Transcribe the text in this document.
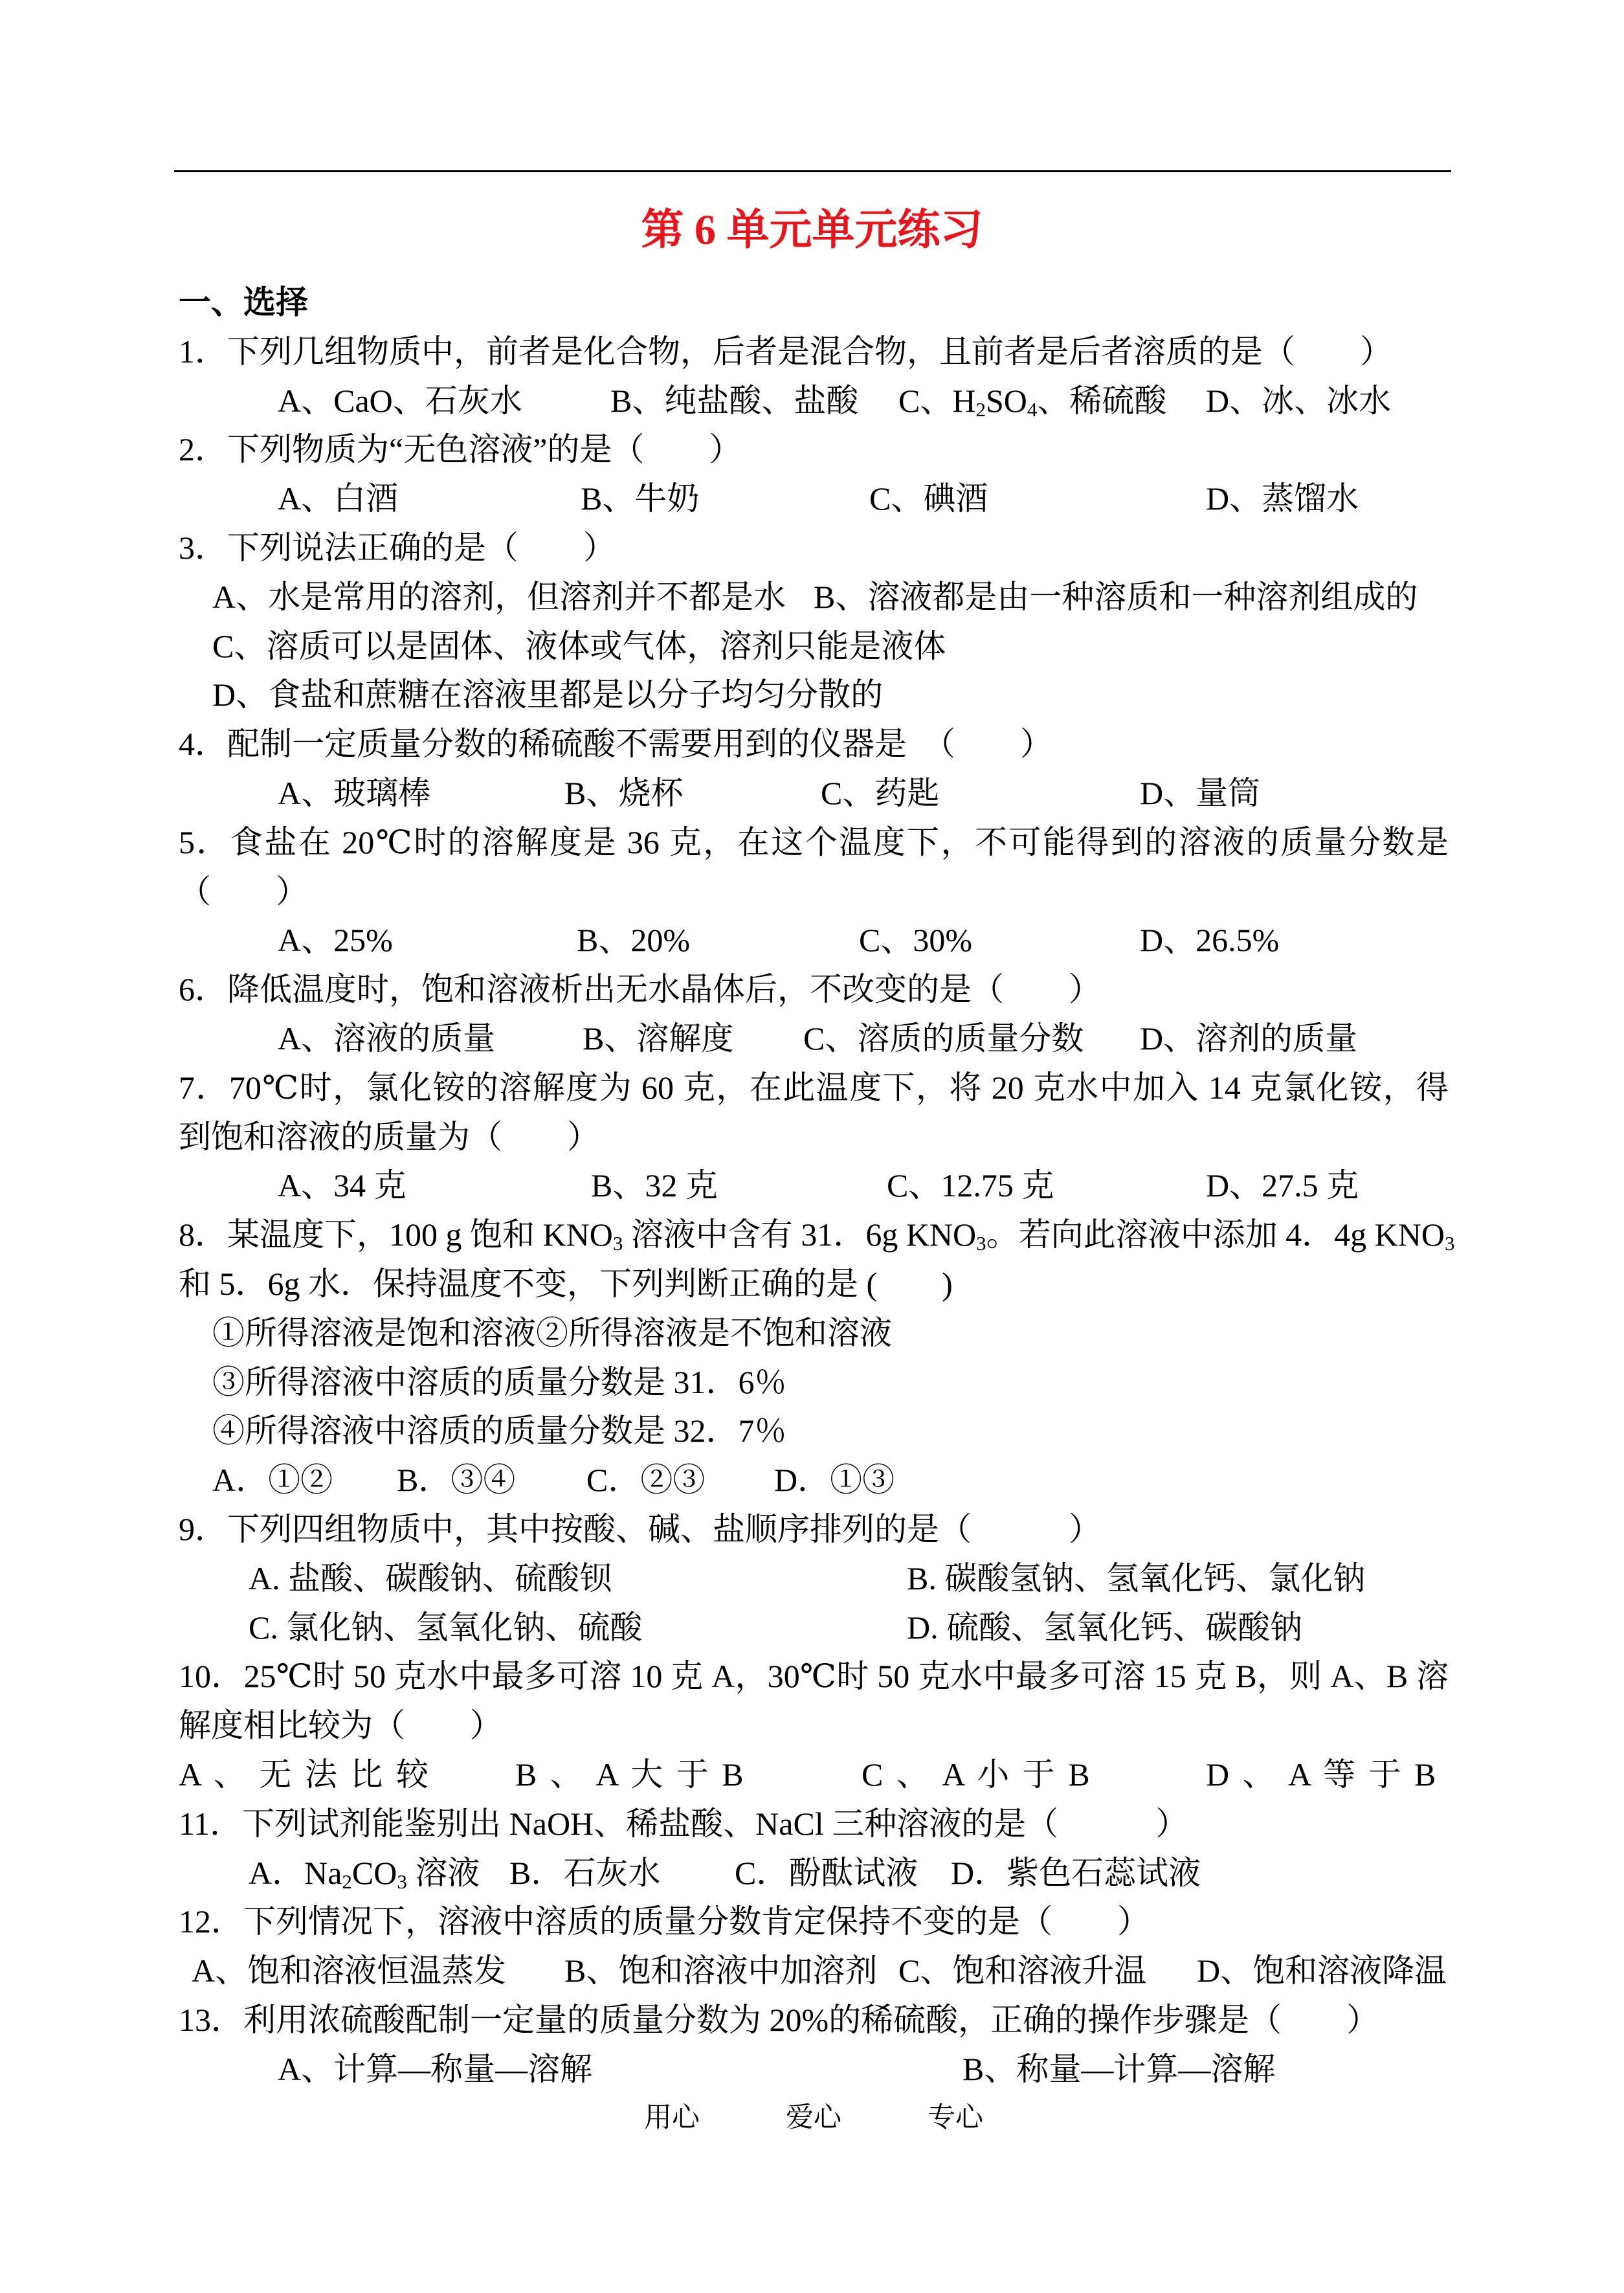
第 6 单元单元练习
一、选择
1．下列几组物质中，前者是化合物，后者是混合物，且前者是后者溶质的是（　　）
A、CaO、石灰水	B、纯盐酸、盐酸 C、$H_2SO_4$、稀硫酸 D、冰、冰水
2．下列物质为“无色溶液”的是（　　）
A、白酒	B、牛奶	C、碘酒	D、蒸馏水
3．下列说法正确的是（　　）
A、水是常用的溶剂，但溶剂并不都是水 B、溶液都是由一种溶质和一种溶剂组成的
C、溶质可以是固体、液体或气体，溶剂只能是液体
D、食盐和蔗糖在溶液里都是以分子均匀分散的
4．配制一定质量分数的稀硫酸不需要用到的仪器是　（　　）
A、玻璃棒	B、烧杯	C、药匙	D、量筒
5．食盐在 20℃时的溶解度是 36 克，在这个温度下，不可能得到的溶液的质量分数是
（　　）
A、25%	B、20%	C、30%	D、26.5%
6．降低温度时，饱和溶液析出无水晶体后，不改变的是（　　）
A、溶液的质量	B、溶解度 C、溶质的质量分数 D、溶剂的质量
7．70℃时，氯化铵的溶解度为 60 克，在此温度下，将 20 克水中加入 14 克氯化铵，得
到饱和溶液的质量为（　　）
A、34 克	B、32 克	C、12.75 克	D、27.5 克
8．某温度下，100 g 饱和 $KNO_3$ 溶液中含有 31．6g $KNO_3$。若向此溶液中添加 4．4g $KNO_3$
和 5．6g 水．保持温度不变，下列判断正确的是 (　　)
①所得溶液是饱和溶液②所得溶液是不饱和溶液
③所得溶液中溶质的质量分数是 31．6％
④所得溶液中溶质的质量分数是 32．7％
A．①② B．③④ C．②③ D．①③
9．下列四组物质中，其中按酸、碱、盐顺序排列的是（　　　）
A. 盐酸、碳酸钠、硫酸钡	B. 碳酸氢钠、氢氧化钙、氯化钠
C. 氯化钠、氢氧化钠、硫酸	D. 硫酸、氢氧化钙、碳酸钠
10．25℃时 50 克水中最多可溶 10 克 A，30℃时 50 克水中最多可溶 15 克 B，则 A、B 溶
解度相比较为（　　）
A 、 无 法 比 较	B 、 A 大 于 B	C 、 A 小 于 B	D 、 A 等 于 B
11．下列试剂能鉴别出 NaOH、稀盐酸、NaCl 三种溶液的是（　　　）
A．$Na_2CO_3$ 溶液 B．石灰水 C．酚酞试液 D．紫色石蕊试液
12．下列情况下，溶液中溶质的质量分数肯定保持不变的是（　　）
A、饱和溶液恒温蒸发 B、饱和溶液中加溶剂 C、饱和溶液升温 D、饱和溶液降温
13．利用浓硫酸配制一定量的质量分数为 20%的稀硫酸，正确的操作步骤是（　　）
A、计算—称量—溶解	B、称量—计算—溶解
用心	爱心	专心
